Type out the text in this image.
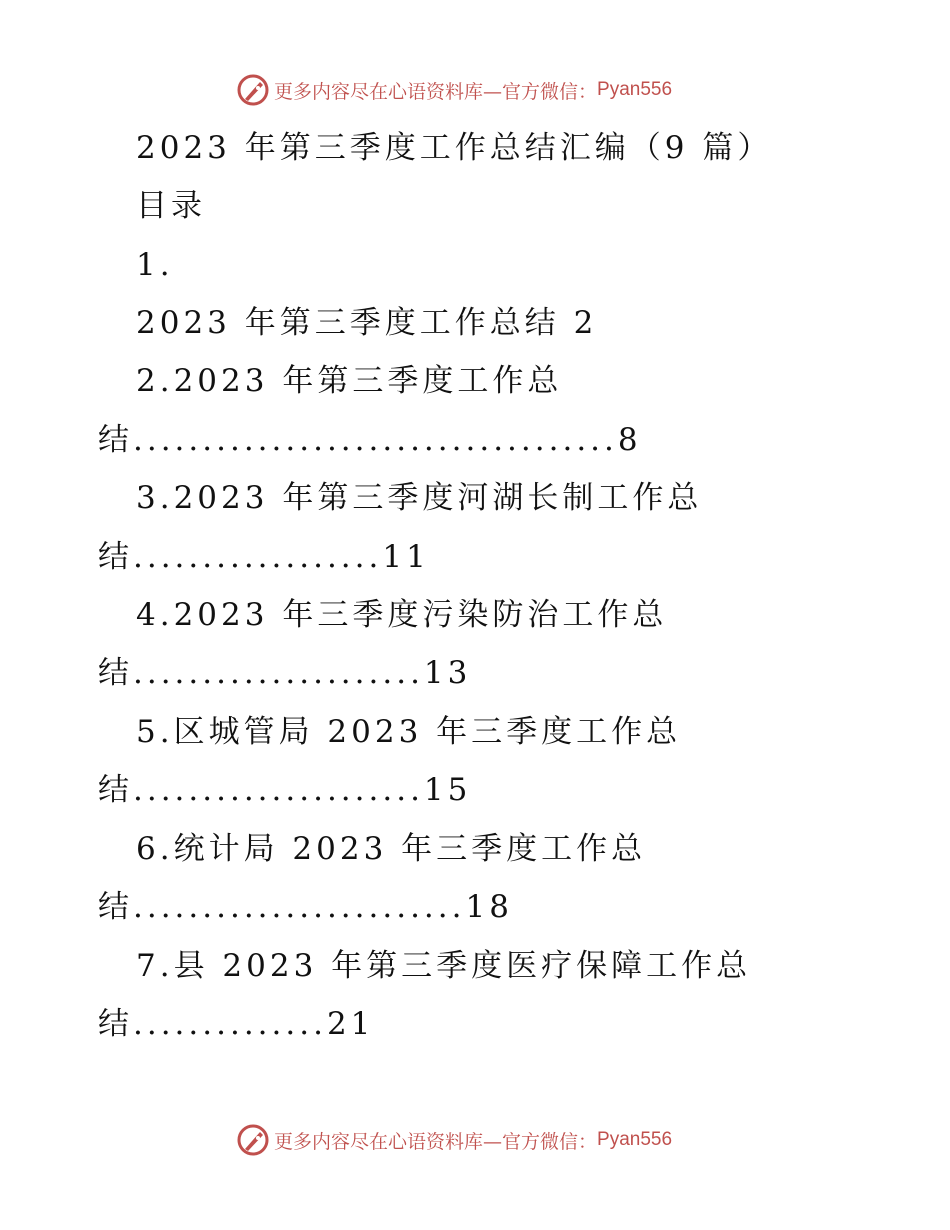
更多内容尽在心语资料库—官方微信： Pyan556
2023 年第三季度工作总结汇编（9 篇）
目录
1.
2023 年第三季度工作总结 2
2.2023 年第三季度工作总
结...................................8
3.2023 年第三季度河湖长制工作总
结..................11
4.2023 年三季度污染防治工作总
结.....................13
5.区城管局 2023 年三季度工作总
结.....................15
6.统计局 2023 年三季度工作总
结........................18
7.县 2023 年第三季度医疗保障工作总
结..............21
更多内容尽在心语资料库—官方微信： Pyan556
